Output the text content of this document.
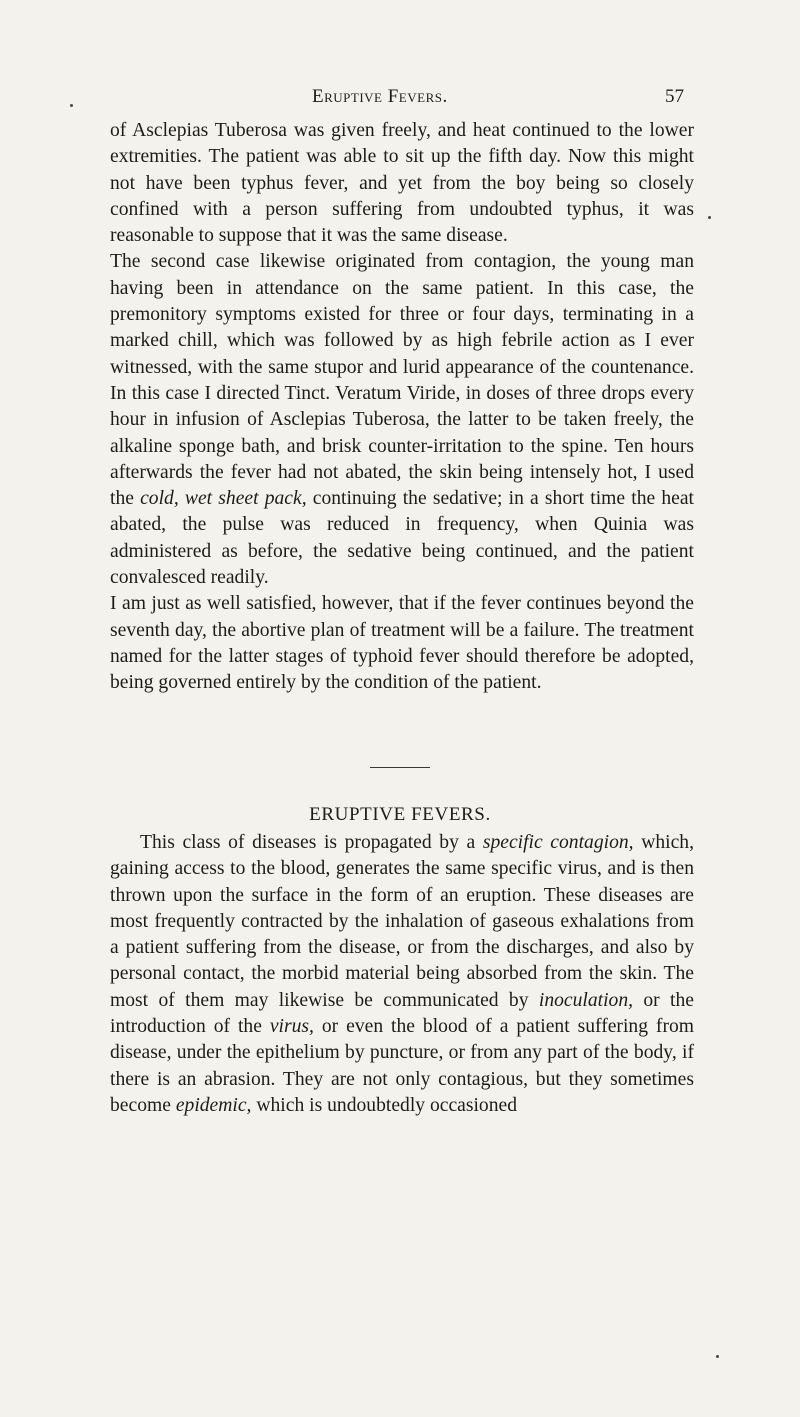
Eruptive Fevers.	57

of Asclepias Tuberosa was given freely, and heat continued to the lower extremities. The patient was able to sit up the fifth day. Now this might not have been typhus fever, and yet from the boy being so closely confined with a person suffering from undoubted typhus, it was reasonable to suppose that it was the same disease.

The second case likewise originated from contagion, the young man having been in attendance on the same patient. In this case, the premonitory symptoms existed for three or four days, terminating in a marked chill, which was followed by as high febrile action as I ever witnessed, with the same stupor and lurid appearance of the countenance. In this case I directed Tinct. Veratum Viride, in doses of three drops every hour in infusion of Asclepias Tuberosa, the latter to be taken freely, the alkaline sponge bath, and brisk counter-irritation to the spine. Ten hours afterwards the fever had not abated, the skin being intensely hot, I used the cold, wet sheet pack, continuing the sedative; in a short time the heat abated, the pulse was reduced in frequency, when Quinia was administered as before, the sedative being continued, and the patient convalesced readily.

I am just as well satisfied, however, that if the fever continues beyond the seventh day, the abortive plan of treatment will be a failure. The treatment named for the latter stages of typhoid fever should therefore be adopted, being governed entirely by the condition of the patient.

ERUPTIVE FEVERS.

This class of diseases is propagated by a specific contagion, which, gaining access to the blood, generates the same specific virus, and is then thrown upon the surface in the form of an eruption. These diseases are most frequently contracted by the inhalation of gaseous exhalations from a patient suffering from the disease, or from the discharges, and also by personal contact, the morbid material being absorbed from the skin. The most of them may likewise be communicated by inoculation, or the introduction of the virus, or even the blood of a patient suffering from disease, under the epithelium by puncture, or from any part of the body, if there is an abrasion. They are not only contagious, but they sometimes become epidemic, which is undoubtedly occasioned
